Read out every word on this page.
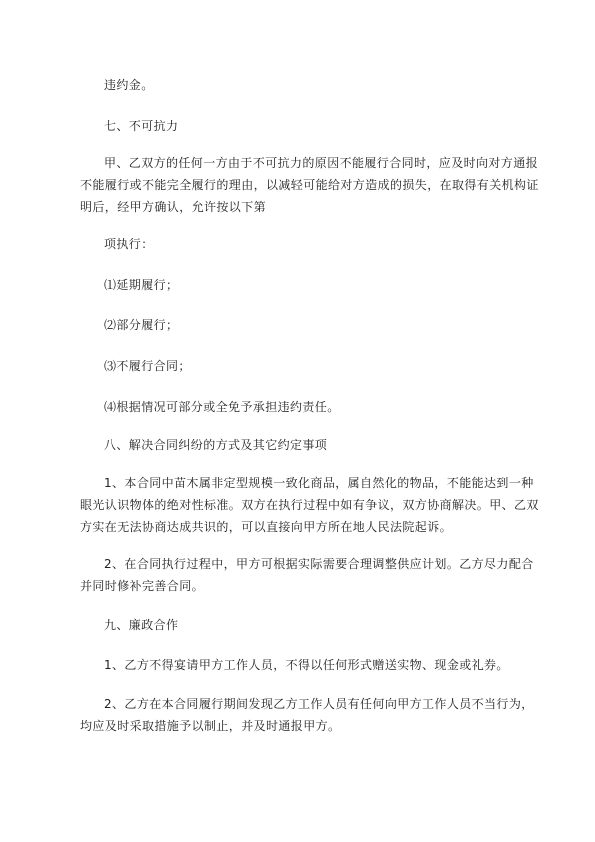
违约金。

七、不可抗力

甲、乙双方的任何一方由于不可抗力的原因不能履行合同时，应及时向对方通报
不能履行或不能完全履行的理由，以减轻可能给对方造成的损失，在取得有关机构证
明后，经甲方确认，允许按以下第

项执行：

⑴延期履行；

⑵部分履行；

⑶不履行合同；

⑷根据情况可部分或全免予承担违约责任。

八、解决合同纠纷的方式及其它约定事项

1、本合同中苗木属非定型规模一致化商品，属自然化的物品，不能能达到一种
眼光认识物体的绝对性标准。双方在执行过程中如有争议，双方协商解决。甲、乙双
方实在无法协商达成共识的，可以直接向甲方所在地人民法院起诉。

2、在合同执行过程中，甲方可根据实际需要合理调整供应计划。乙方尽力配合
并同时修补完善合同。

九、廉政合作

1、乙方不得宴请甲方工作人员，不得以任何形式赠送实物、现金或礼券。

2、乙方在本合同履行期间发现乙方工作人员有任何向甲方工作人员不当行为，
均应及时采取措施予以制止，并及时通报甲方。
